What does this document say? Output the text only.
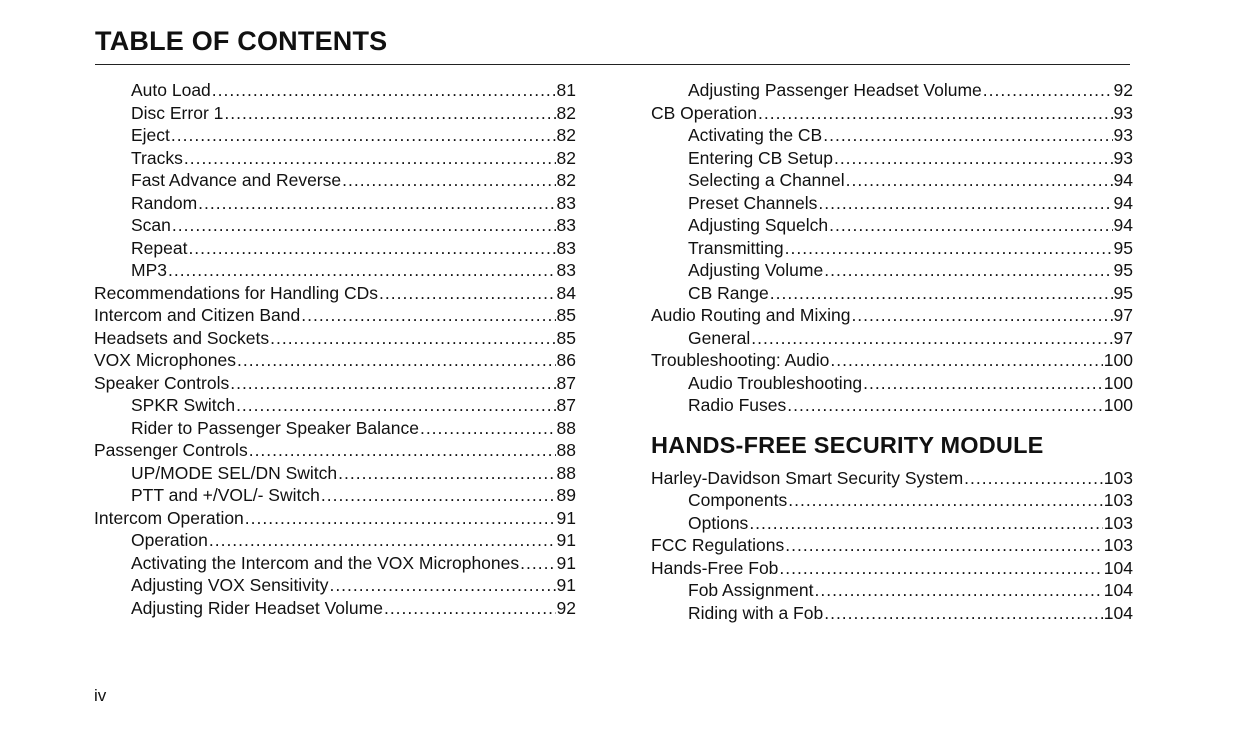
TABLE OF CONTENTS
Auto Load .....	81
Disc Error 1 .....	82
Eject .....	82
Tracks .....	82
Fast Advance and Reverse .....	82
Random .....	83
Scan .....	83
Repeat .....	83
MP3 .....	83
Recommendations for Handling CDs .....	84
Intercom and Citizen Band .....	85
Headsets and Sockets .....	85
VOX Microphones .....	86
Speaker Controls .....	87
SPKR Switch .....	87
Rider to Passenger Speaker Balance .....	88
Passenger Controls .....	88
UP/MODE SEL/DN Switch .....	88
PTT and +/VOL/- Switch .....	89
Intercom Operation .....	91
Operation .....	91
Activating the Intercom and the VOX Microphones ..... 91
Adjusting VOX Sensitivity .....	91
Adjusting Rider Headset Volume .....	92
Adjusting Passenger Headset Volume .....	92
CB Operation .....	93
Activating the CB .....	93
Entering CB Setup .....	93
Selecting a Channel .....	94
Preset Channels .....	94
Adjusting Squelch .....	94
Transmitting .....	95
Adjusting Volume .....	95
CB Range .....	95
Audio Routing and Mixing .....	97
General .....	97
Troubleshooting: Audio .....	100
Audio Troubleshooting .....	100
Radio Fuses .....	100
HANDS-FREE SECURITY MODULE
Harley-Davidson Smart Security System .....	103
Components .....	103
Options .....	103
FCC Regulations .....	103
Hands-Free Fob .....	104
Fob Assignment .....	104
Riding with a Fob .....	104
iv
